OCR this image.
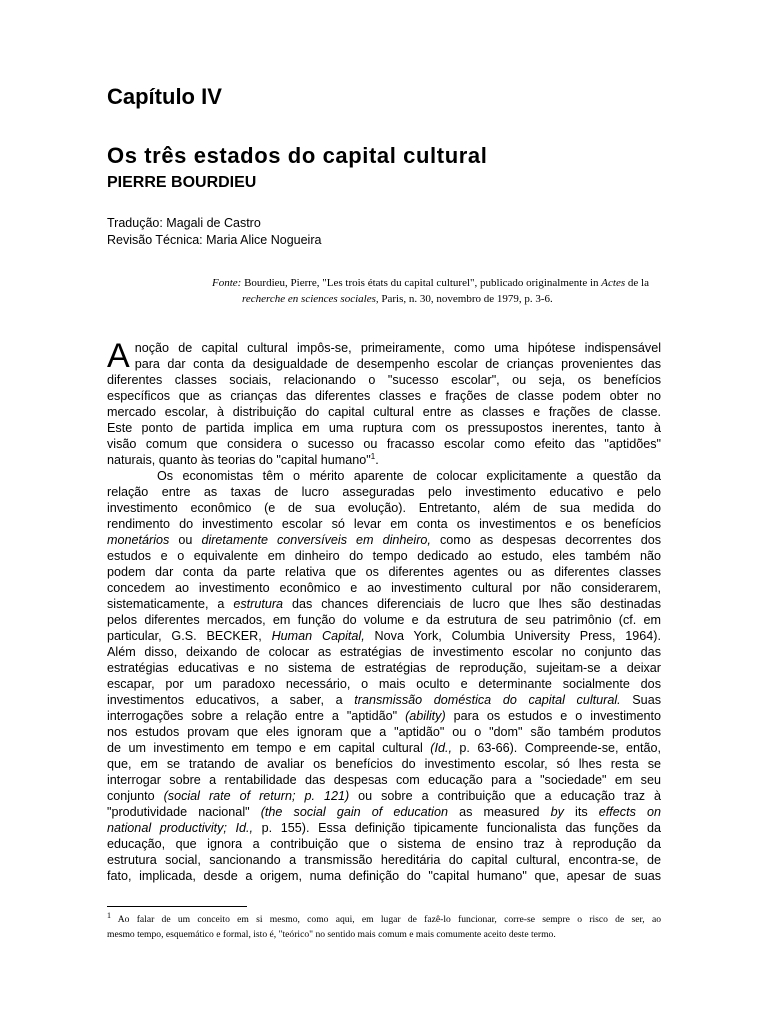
Capítulo IV
Os três estados do capital cultural
PIERRE BOURDIEU
Tradução: Magali de Castro
Revisão Técnica: Maria Alice Nogueira
Fonte: Bourdieu, Pierre, "Les trois états du capital culturel", publicado originalmente in Actes de la
recherche en sciences sociales, Paris, n. 30, novembro de 1979, p. 3-6.
A noção de capital cultural impôs-se, primeiramente, como uma hipótese indispensável
para dar conta da desigualdade de desempenho escolar de crianças provenientes das
diferentes classes sociais, relacionando o "sucesso escolar", ou seja, os benefícios
específicos que as crianças das diferentes classes e frações de classe podem obter no
mercado escolar, à distribuição do capital cultural entre as classes e frações de classe.
Este ponto de partida implica em uma ruptura com os pressupostos inerentes, tanto à
visão comum que considera o sucesso ou fracasso escolar como efeito das "aptidões"
naturais, quanto às teorias do "capital humano"$^1$.
Os economistas têm o mérito aparente de colocar explicitamente a questão da
relação entre as taxas de lucro asseguradas pelo investimento educativo e pelo
investimento econômico (e de sua evolução). Entretanto, além de sua medida do
rendimento do investimento escolar só levar em conta os investimentos e os benefícios
monetários ou diretamente conversíveis em dinheiro, como as despesas decorrentes dos
estudos e o equivalente em dinheiro do tempo dedicado ao estudo, eles também não
podem dar conta da parte relativa que os diferentes agentes ou as diferentes classes
concedem ao investimento econômico e ao investimento cultural por não considerarem,
sistematicamente, a estrutura das chances diferenciais de lucro que lhes são destinadas
pelos diferentes mercados, em função do volume e da estrutura de seu patrimônio (cf. em
particular, G.S. BECKER, Human Capital, Nova York, Columbia University Press, 1964).
Além disso, deixando de colocar as estratégias de investimento escolar no conjunto das
estratégias educativas e no sistema de estratégias de reprodução, sujeitam-se a deixar
escapar, por um paradoxo necessário, o mais oculto e determinante socialmente dos
investimentos educativos, a saber, a transmissão doméstica do capital cultural. Suas
interrogações sobre a relação entre a "aptidão" (ability) para os estudos e o investimento
nos estudos provam que eles ignoram que a "aptidão" ou o "dom" são também produtos
de um investimento em tempo e em capital cultural (Id., p. 63-66). Compreende-se, então,
que, em se tratando de avaliar os benefícios do investimento escolar, só lhes resta se
interrogar sobre a rentabilidade das despesas com educação para a "sociedade" em seu
conjunto (social rate of return; p. 121) ou sobre a contribuição que a educação traz à
"produtividade nacional" (the social gain of education as measured by its effects on
national productivity; Id., p. 155). Essa definição tipicamente funcionalista das funções da
educação, que ignora a contribuição que o sistema de ensino traz à reprodução da
estrutura social, sancionando a transmissão hereditária do capital cultural, encontra-se, de
fato, implicada, desde a origem, numa definição do "capital humano" que, apesar de suas
$^1$ Ao falar de um conceito em si mesmo, como aqui, em lugar de fazê-lo funcionar, corre-se sempre o risco de ser, ao
mesmo tempo, esquemático e formal, isto é, "teórico" no sentido mais comum e mais comumente aceito deste termo.
